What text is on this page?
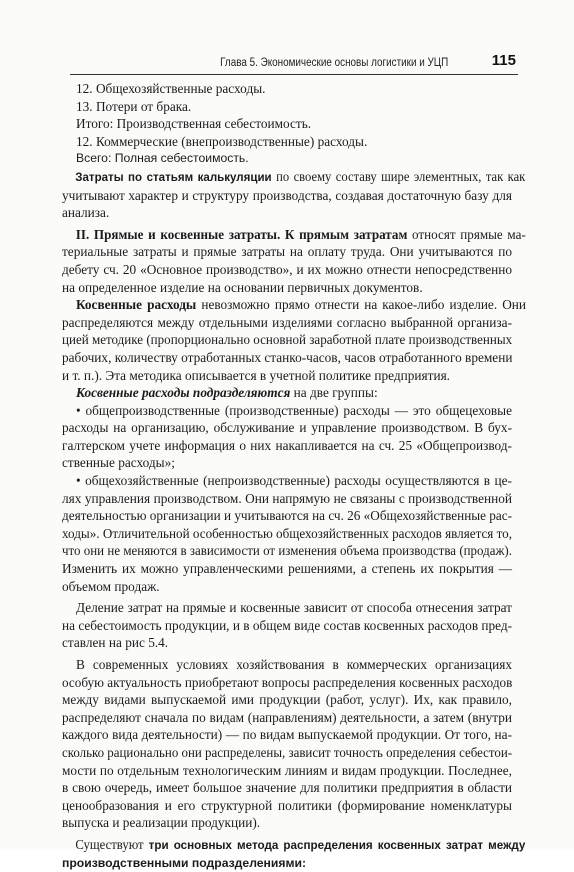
Глава 5. Экономические основы логистики и УЦП	115
12. Общехозяйственные расходы.
13. Потери от брака.
Итого: Производственная себестоимость.
12. Коммерческие (внепроизводственные) расходы.
Всего: Полная себестоимость.
Затраты по статьям калькуляции по своему составу шире элементных, так как
учитывают характер и структуру производства, создавая достаточную базу для
анализа.
II. Прямые и косвенные затраты. К прямым затратам относят прямые ма-
териальные затраты и прямые затраты на оплату труда. Они учитываются по
дебету сч. 20 «Основное производство», и их можно отнести непосредственно
на определенное изделие на основании первичных документов.
Косвенные расходы невозможно прямо отнести на какое-либо изделие. Они
распределяются между отдельными изделиями согласно выбранной организа-
цией методике (пропорционально основной заработной плате производственных
рабочих, количеству отработанных станко-часов, часов отработанного времени
и т. п.). Эта методика описывается в учетной политике предприятия.
Косвенные расходы подразделяются на две группы:
• общепроизводственные (производственные) расходы — это общецеховые
расходы на организацию, обслуживание и управление производством. В бух-
галтерском учете информация о них накапливается на сч. 25 «Общепроизвод-
ственные расходы»;
• общехозяйственные (непроизводственные) расходы осуществляются в це-
лях управления производством. Они напрямую не связаны с производственной
деятельностью организации и учитываются на сч. 26 «Общехозяйственные рас-
ходы». Отличительной особенностью общехозяйственных расходов является то,
что они не меняются в зависимости от изменения объема производства (продаж).
Изменить их можно управленческими решениями, а степень их покрытия —
объемом продаж.
Деление затрат на прямые и косвенные зависит от способа отнесения затрат
на себестоимость продукции, и в общем виде состав косвенных расходов пред-
ставлен на рис 5.4.
В современных условиях хозяйствования в коммерческих организациях
особую актуальность приобретают вопросы распределения косвенных расходов
между видами выпускаемой ими продукции (работ, услуг). Их, как правило,
распределяют сначала по видам (направлениям) деятельности, а затем (внутри
каждого вида деятельности) — по видам выпускаемой продукции. От того, на-
сколько рационально они распределены, зависит точность определения себестои-
мости по отдельным технологическим линиям и видам продукции. Последнее,
в свою очередь, имеет большое значение для политики предприятия в области
ценообразования и его структурной политики (формирование номенклатуры
выпуска и реализации продукции).
Существуют три основных метода распределения косвенных затрат между
производственными подразделениями:
